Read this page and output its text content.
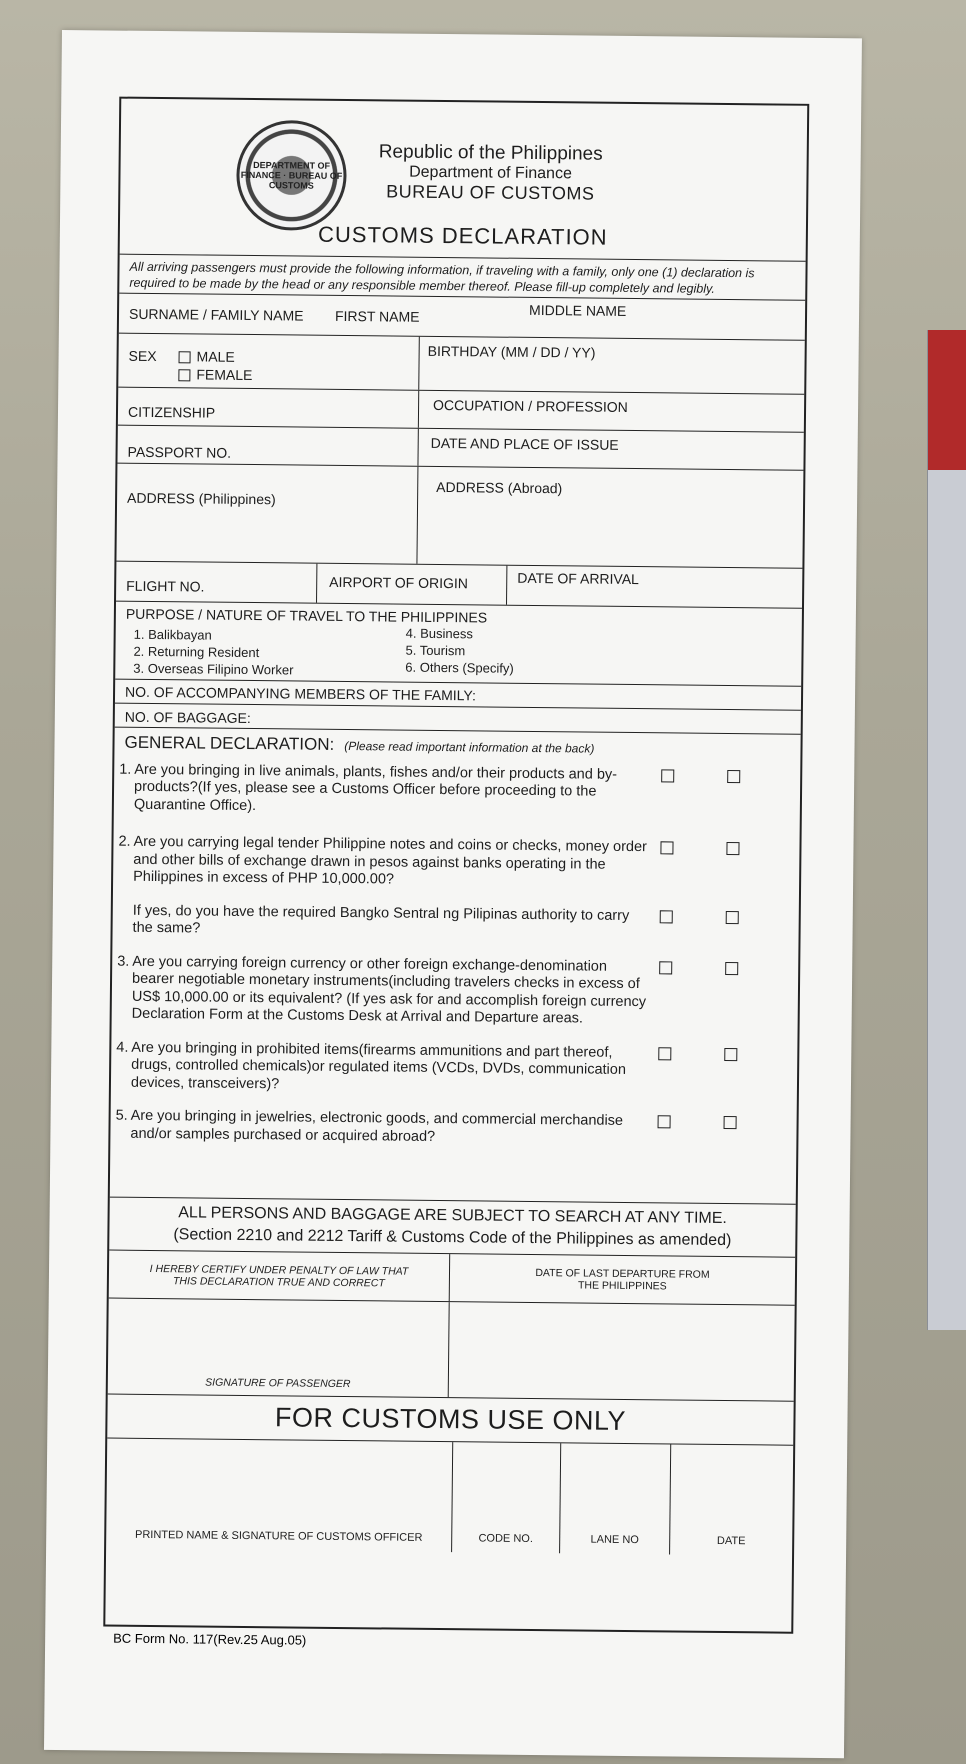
DEPARTMENT OF FINANCE · BUREAU OF CUSTOMS
Republic of the Philippines
Department of Finance
BUREAU OF CUSTOMS
CUSTOMS DECLARATION
All arriving passengers must provide the following information, if traveling with a family, only one (1) declaration is required to be made by the head or any responsible member thereof. Please fill-up completely and legibly.
SURNAME / FAMILY NAME FIRST NAME	MIDDLE NAME
SEX	MALE
FEMALE
BIRTHDAY (MM / DD / YY)
CITIZENSHIP	OCCUPATION / PROFESSION
PASSPORT NO.	DATE AND PLACE OF ISSUE
ADDRESS (Philippines)
ADDRESS (Abroad)
FLIGHT NO.	AIRPORT OF ORIGIN	DATE OF ARRIVAL
PURPOSE / NATURE OF TRAVEL TO THE PHILIPPINES
1. Balikbayan
2. Returning Resident
3. Overseas Filipino Worker
4. Business
5. Tourism
6. Others (Specify)
NO. OF ACCOMPANYING MEMBERS OF THE FAMILY:
NO. OF BAGGAGE:
GENERAL DECLARATION: (Please read important information at the back)
1. Are you bringing in live animals, plants, fishes and/or their products and by-products?(If yes, please see a Customs Officer before proceeding to the Quarantine Office).
2. Are you carrying legal tender Philippine notes and coins or checks, money order and other bills of exchange drawn in pesos against banks operating in the Philippines in excess of PHP 10,000.00?
If yes, do you have the required Bangko Sentral ng Pilipinas authority to carry the same?
3. Are you carrying foreign currency or other foreign exchange-denomination bearer negotiable monetary instruments(including travelers checks in excess of US$ 10,000.00 or its equivalent? (If yes ask for and accomplish foreign currency Declaration Form at the Customs Desk at Arrival and Departure areas.
4. Are you bringing in prohibited items(firearms ammunitions and part thereof, drugs, controlled chemicals)or regulated items (VCDs, DVDs, communication devices, transceivers)?
5. Are you bringing in jewelries, electronic goods, and commercial merchandise and/or samples purchased or acquired abroad?
ALL PERSONS AND BAGGAGE ARE SUBJECT TO SEARCH AT ANY TIME.
(Section 2210 and 2212 Tariff & Customs Code of the Philippines as amended)
I HEREBY CERTIFY UNDER PENALTY OF LAW THAT THIS DECLARATION TRUE AND CORRECT
DATE OF LAST DEPARTURE FROM THE PHILIPPINES
SIGNATURE OF PASSENGER
FOR CUSTOMS USE ONLY
PRINTED NAME & SIGNATURE OF CUSTOMS OFFICER	CODE NO.	LANE NO	DATE
BC Form No. 117(Rev.25 Aug.05)
